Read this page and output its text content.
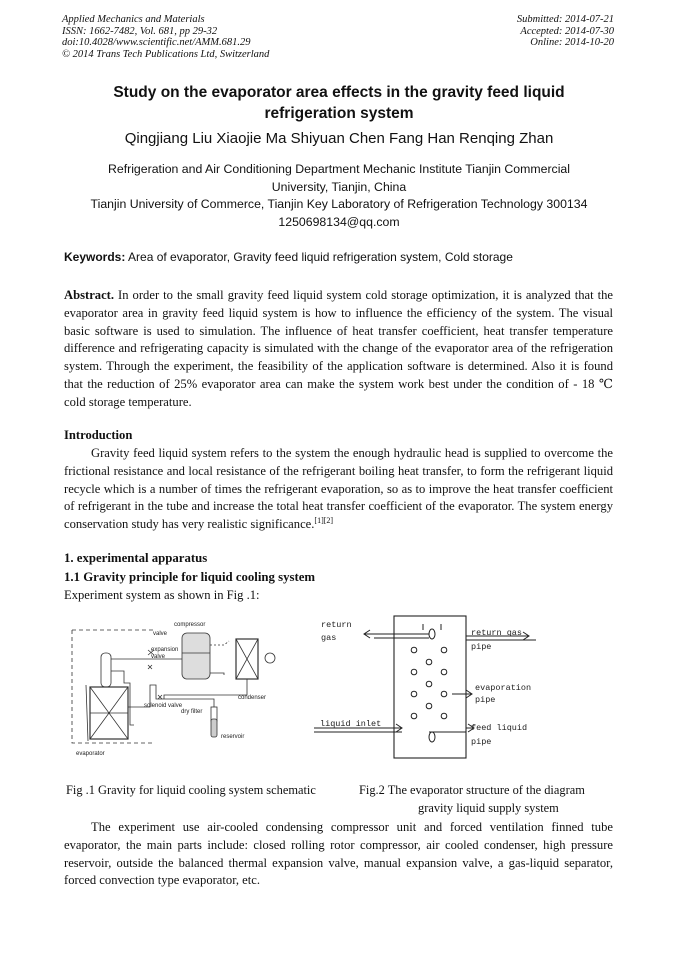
Applied Mechanics and Materials
ISSN: 1662-7482, Vol. 681, pp 29-32
doi:10.4028/www.scientific.net/AMM.681.29
© 2014 Trans Tech Publications Ltd, Switzerland
Submitted: 2014-07-21
Accepted: 2014-07-30
Online: 2014-10-20
Study on the evaporator area effects in the gravity feed liquid
refrigeration system
Qingjiang Liu Xiaojie Ma Shiyuan Chen Fang Han Renqing Zhan
Refrigeration and Air Conditioning Department Mechanic Institute Tianjin Commercial
University, Tianjin, China
Tianjin University of Commerce, Tianjin Key Laboratory of Refrigeration Technology 300134
1250698134@qq.com
Keywords: Area of evaporator, Gravity feed liquid refrigeration system, Cold storage
Abstract. In order to the small gravity feed liquid system cold storage optimization, it is analyzed that the evaporator area in gravity feed liquid system is how to influence the efficiency of the system. The visual basic software is used to simulation. The influence of heat transfer coefficient, heat transfer temperature difference and refrigerating capacity is simulated with the change of the evaporator area of the refrigeration system. Through the experiment, the feasibility of the application software is determined. Also it is found that the reduction of 25% evaporator area can make the system work best under the condition of - 18 ℃ cold storage temperature.
Introduction
Gravity feed liquid system refers to the system the enough hydraulic head is supplied to overcome the frictional resistance and local resistance of the refrigerant boiling heat transfer, to form the refrigerant liquid recycle which is a number of times the refrigerant evaporation, so as to improve the heat transfer coefficient of refrigerant in the tube and increase the total heat transfer coefficient of the evaporator. The system energy conservation study has very realistic significance.[1][2]
1. experimental apparatus
1.1 Gravity principle for liquid cooling system
Experiment system as shown in Fig .1:
compressor
valve
expansion
valve
condenser
solenoid valve
dry filter
reservoir
evaporator
return
gas	return gas
pipe
evaporation
pipe
liquid inlet	feed liquid
pipe
Fig .1 Gravity for liquid cooling system schematic	Fig.2 The evaporator structure of the diagram
gravity liquid supply system
The experiment use air-cooled condensing compressor unit and forced ventilation finned tube evaporator, the main parts include: closed rolling rotor compressor, air cooled condenser, high pressure reservoir, outside the balanced thermal expansion valve, manual expansion valve, a gas-liquid separator, forced convection type evaporator, etc.
